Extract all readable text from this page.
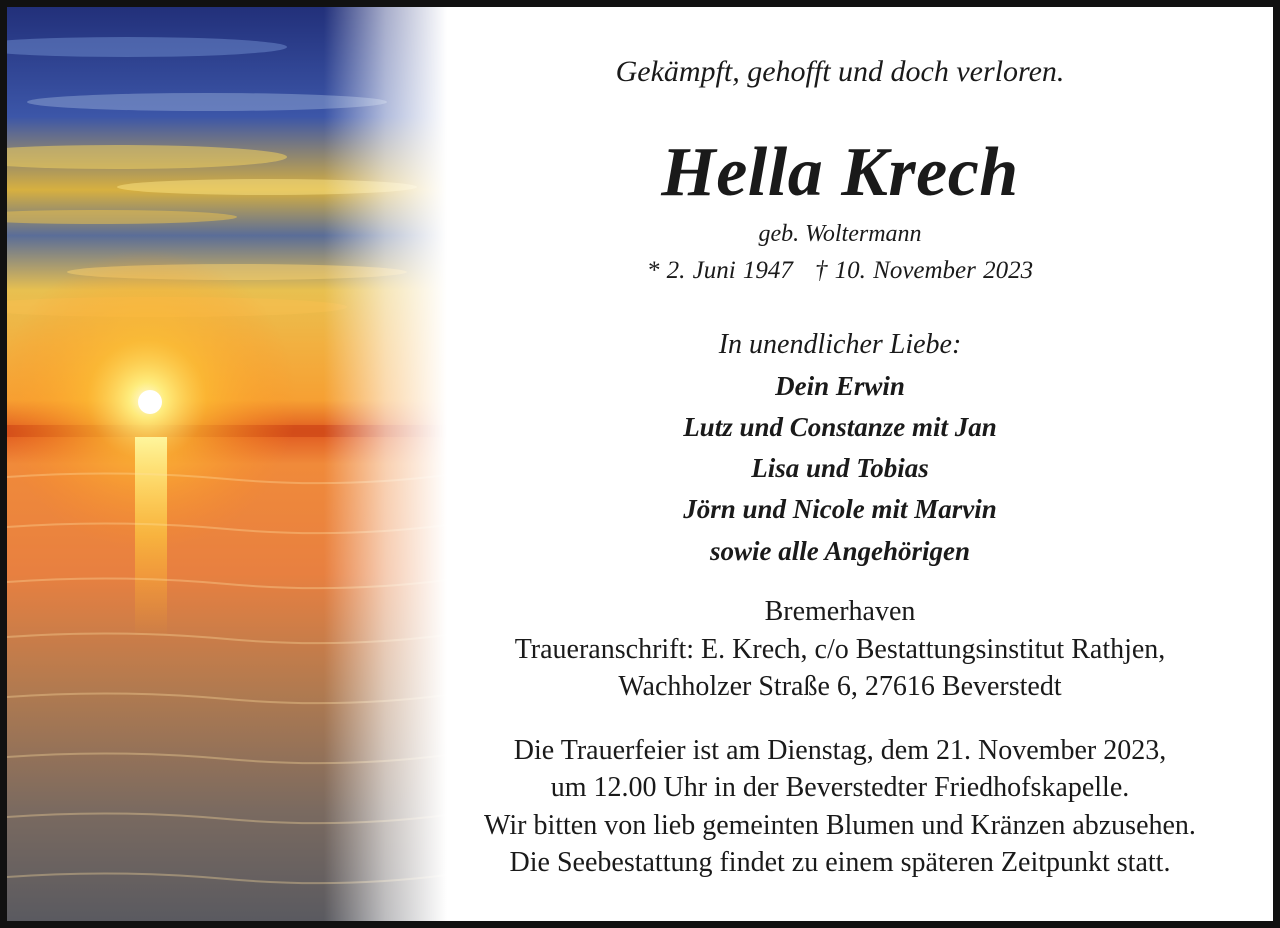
Gekämpft, gehofft und doch verloren.
Hella Krech
geb. Woltermann
* 2. Juni 1947 † 10. November 2023
In unendlicher Liebe:
Dein Erwin
Lutz und Constanze mit Jan
Lisa und Tobias
Jörn und Nicole mit Marvin
sowie alle Angehörigen
Bremerhaven
Traueranschrift: E. Krech, c/o Bestattungsinstitut Rathjen,
Wachholzer Straße 6, 27616 Beverstedt
Die Trauerfeier ist am Dienstag, dem 21. November 2023,
um 12.00 Uhr in der Beverstedter Friedhofskapelle.
Wir bitten von lieb gemeinten Blumen und Kränzen abzusehen.
Die Seebestattung findet zu einem späteren Zeitpunkt statt.
